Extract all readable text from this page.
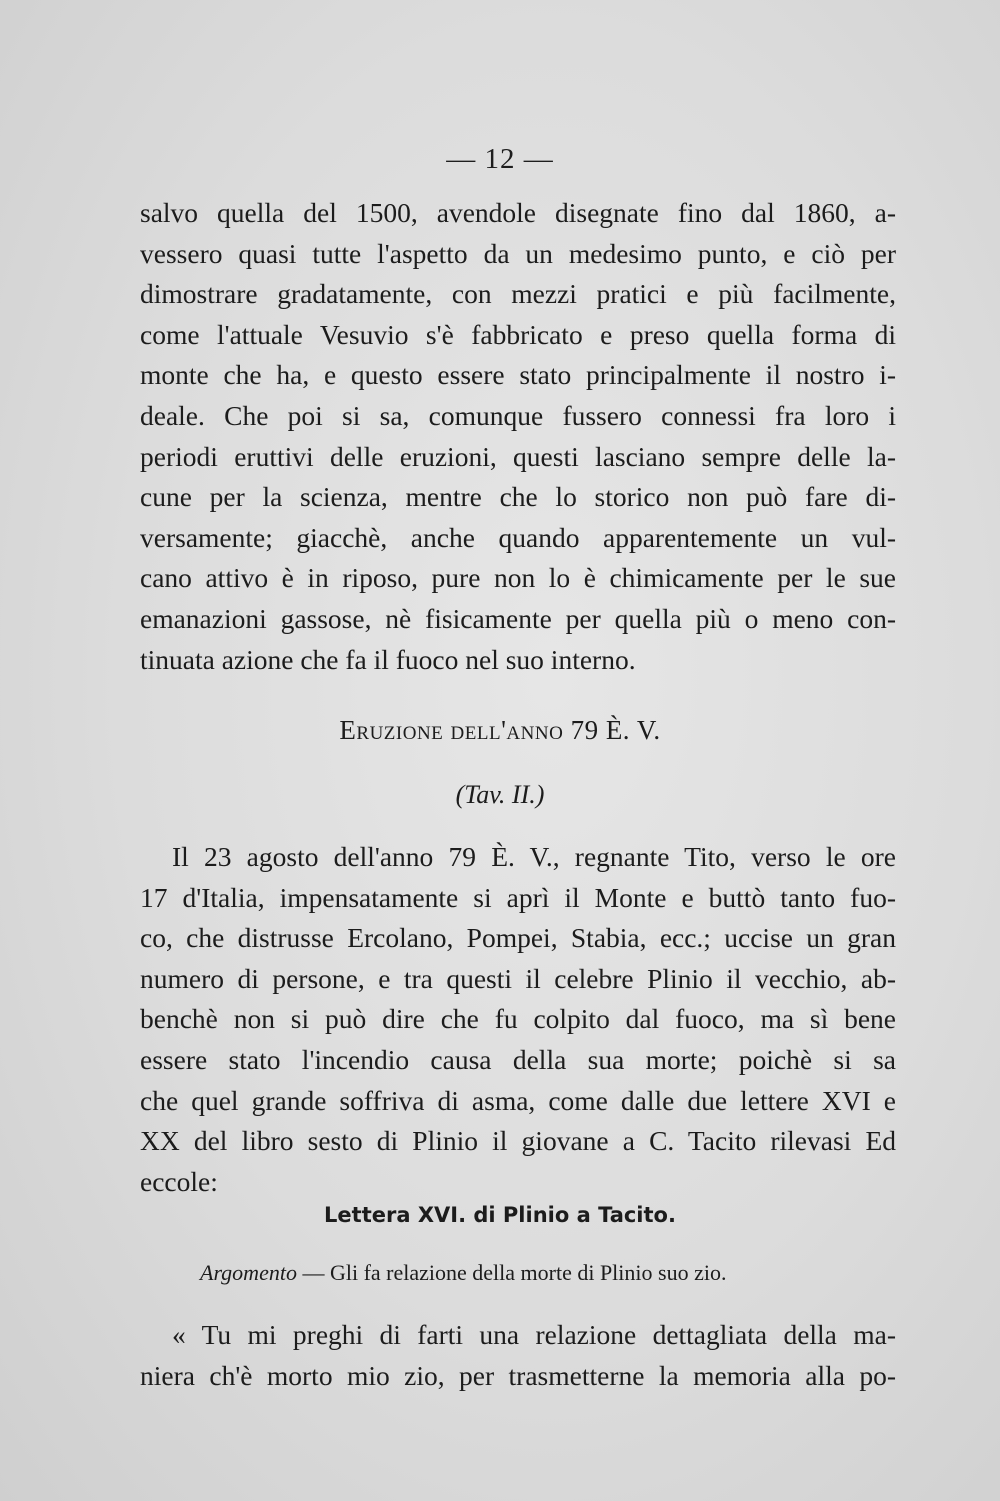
— 12 —
salvo quella del 1500, avendole disegnate fino dal 1860, a-
vessero quasi tutte l'aspetto da un medesimo punto, e ciò per
dimostrare gradatamente, con mezzi pratici e più facilmente,
come l'attuale Vesuvio s'è fabbricato e preso quella forma di
monte che ha, e questo essere stato principalmente il nostro i-
deale. Che poi si sa, comunque fussero connessi fra loro i
periodi eruttivi delle eruzioni, questi lasciano sempre delle la-
cune per la scienza, mentre che lo storico non può fare di-
versamente; giacchè, anche quando apparentemente un vul-
cano attivo è in riposo, pure non lo è chimicamente per le sue
emanazioni gassose, nè fisicamente per quella più o meno con-
tinuata azione che fa il fuoco nel suo interno.
Eruzione dell'anno 79 È. V.
(Tav. II.)
Il 23 agosto dell'anno 79 È. V., regnante Tito, verso le ore
17 d'Italia, impensatamente si aprì il Monte e buttò tanto fuo-
co, che distrusse Ercolano, Pompei, Stabia, ecc.; uccise un gran
numero di persone, e tra questi il celebre Plinio il vecchio, ab-
benchè non si può dire che fu colpito dal fuoco, ma sì bene
essere stato l'incendio causa della sua morte; poichè si sa
che quel grande soffriva di asma, come dalle due lettere XVI e
XX del libro sesto di Plinio il giovane a C. Tacito rilevasi Ed
eccole:
Lettera XVI. di Plinio a Tacito.
Argomento — Gli fa relazione della morte di Plinio suo zio.
« Tu mi preghi di farti una relazione dettagliata della ma-
niera ch'è morto mio zio, per trasmetterne la memoria alla po-
